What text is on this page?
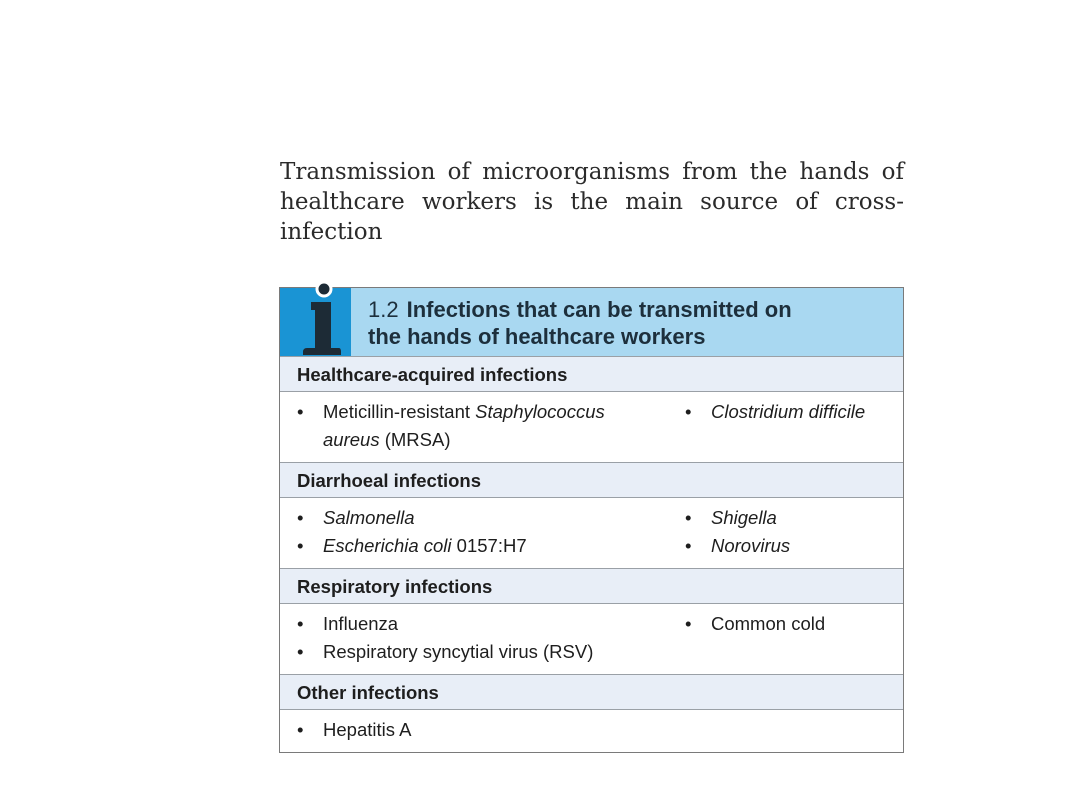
Transmission of microorganisms from the hands of
healthcare workers is the main source of cross-infection
1.2 Infections that can be transmitted on
the hands of healthcare workers
Healthcare-acquired infections
•	Meticillin-resistant Staphylococcus
aureus (MRSA)
•	Clostridium difficile
Diarrhoeal infections
•	Salmonella
•	Escherichia coli 0157:H7
•	Shigella
•	Norovirus
Respiratory infections
•	Influenza
•	Respiratory syncytial virus (RSV)
•	Common cold
Other infections
•	Hepatitis A
